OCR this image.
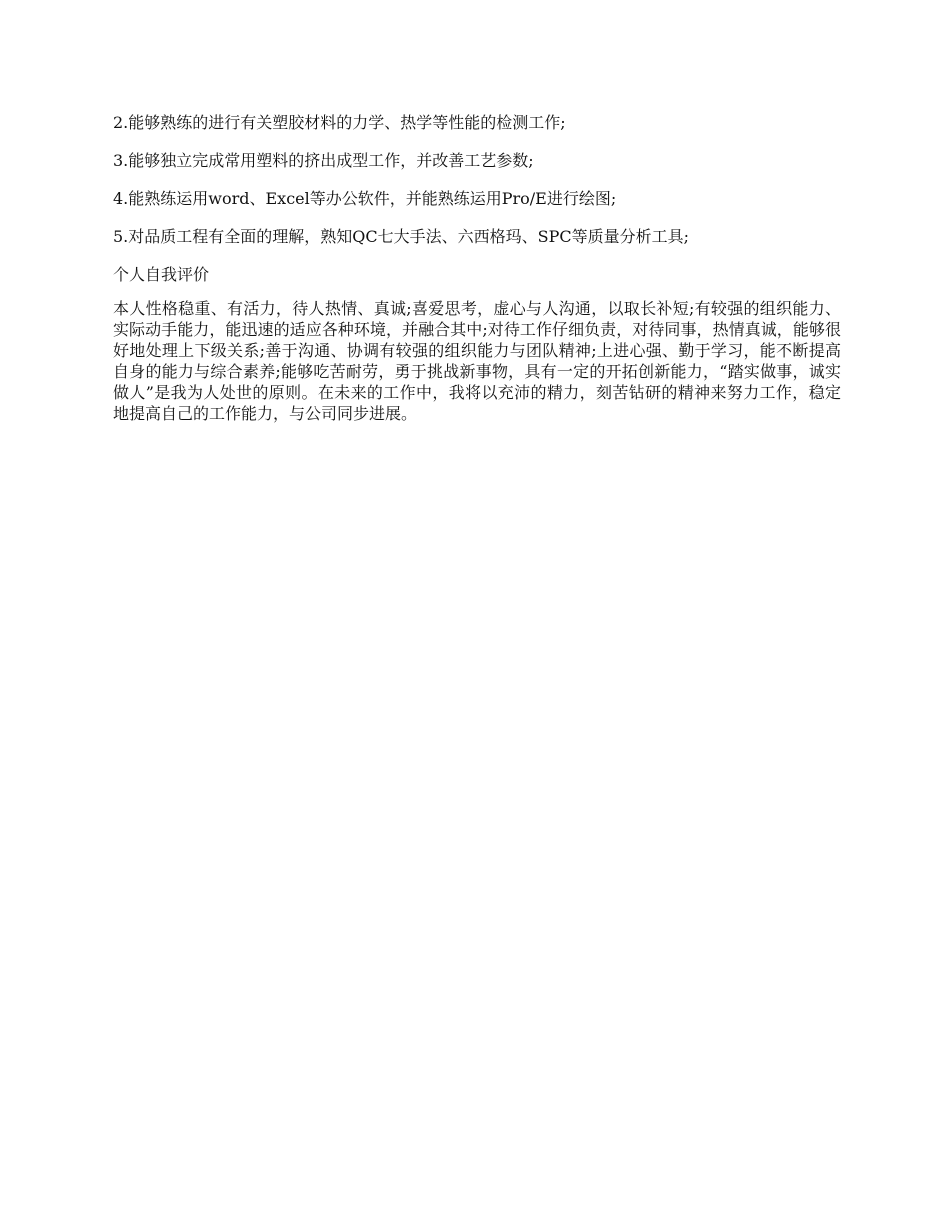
2.能够熟练的进行有关塑胶材料的力学、热学等性能的检测工作;

3.能够独立完成常用塑料的挤出成型工作，并改善工艺参数;

4.能熟练运用word、Excel等办公软件，并能熟练运用Pro/E进行绘图;

5.对品质工程有全面的理解，熟知QC七大手法、六西格玛、SPC等质量分析工具;

个人自我评价

本人性格稳重、有活力，待人热情、真诚;喜爱思考，虚心与人沟通，以取长补短;有较强的组织能力、实际动手能力，能迅速的适应各种环境，并融合其中;对待工作仔细负责，对待同事，热情真诚，能够很好地处理上下级关系;善于沟通、协调有较强的组织能力与团队精神;上进心强、勤于学习，能不断提高自身的能力与综合素养;能够吃苦耐劳，勇于挑战新事物，具有一定的开拓创新能力，“踏实做事，诚实做人”是我为人处世的原则。在未来的工作中，我将以充沛的精力，刻苦钻研的精神来努力工作，稳定地提高自己的工作能力，与公司同步进展。
